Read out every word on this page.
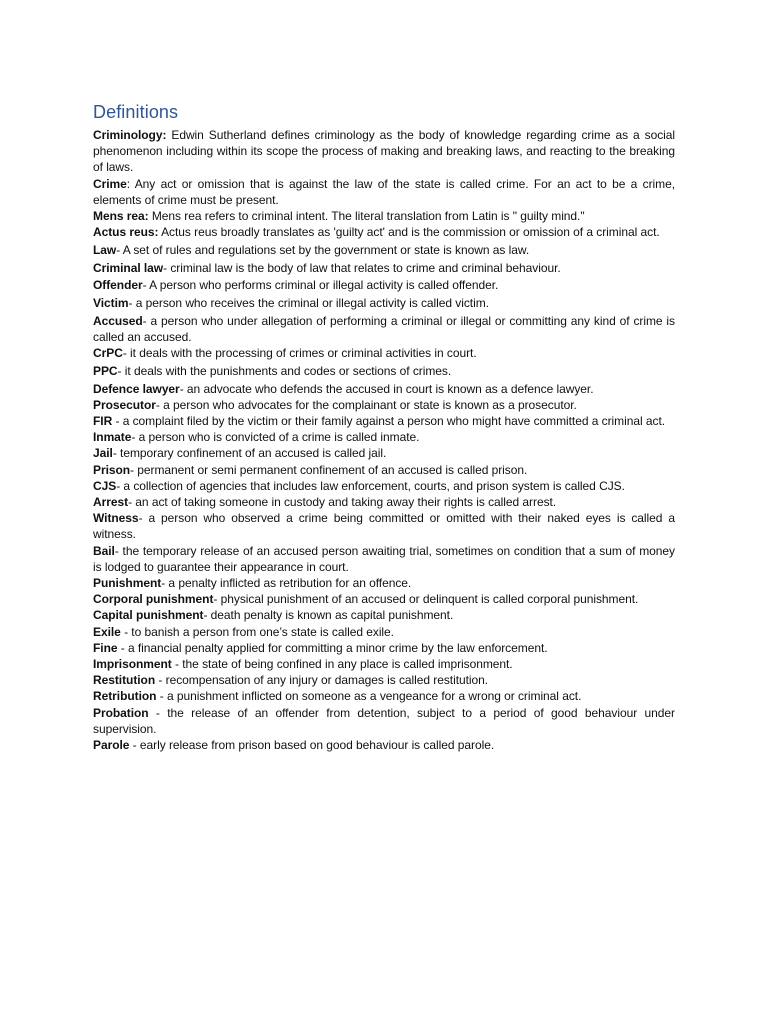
Definitions

Criminology: Edwin Sutherland defines criminology as the body of knowledge regarding crime as a social phenomenon including within its scope the process of making and breaking laws, and reacting to the breaking of laws.

Crime: Any act or omission that is against the law of the state is called crime. For an act to be a crime, elements of crime must be present.

Mens rea: Mens rea refers to criminal intent. The literal translation from Latin is " guilty mind."

Actus reus: Actus reus broadly translates as 'guilty act' and is the commission or omission of a criminal act.

Law- A set of rules and regulations set by the government or state is known as law.

Criminal law- criminal law is the body of law that relates to crime and criminal behaviour.

Offender- A person who performs criminal or illegal activity is called offender.

Victim- a person who receives the criminal or illegal activity is called victim.

Accused- a person who under allegation of performing a criminal or illegal or committing any kind of crime is called an accused.

CrPC- it deals with the processing of crimes or criminal activities in court.

PPC- it deals with the punishments and codes or sections of crimes.

Defence lawyer- an advocate who defends the accused in court is known as a defence lawyer.

Prosecutor- a person who advocates for the complainant or state is known as a prosecutor.

FIR - a complaint filed by the victim or their family against a person who might have committed a criminal act.

Inmate- a person who is convicted of a crime is called inmate.

Jail- temporary confinement of an accused is called jail.

Prison- permanent or semi permanent confinement of an accused is called prison.

CJS- a collection of agencies that includes law enforcement, courts, and prison system is called CJS.

Arrest- an act of taking someone in custody and taking away their rights is called arrest.

Witness- a person who observed a crime being committed or omitted with their naked eyes is called a witness.

Bail- the temporary release of an accused person awaiting trial, sometimes on condition that a sum of money is lodged to guarantee their appearance in court.

Punishment- a penalty inflicted as retribution for an offence.

Corporal punishment- physical punishment of an accused or delinquent is called corporal punishment.

Capital punishment- death penalty is known as capital punishment.

Exile - to banish a person from one’s state is called exile.

Fine - a financial penalty applied for committing a minor crime by the law enforcement.

Imprisonment - the state of being confined in any place is called imprisonment.

Restitution - recompensation of any injury or damages is called restitution.

Retribution - a punishment inflicted on someone as a vengeance for a wrong or criminal act.

Probation - the release of an offender from detention, subject to a period of good behaviour under supervision.

Parole - early release from prison based on good behaviour is called parole.
